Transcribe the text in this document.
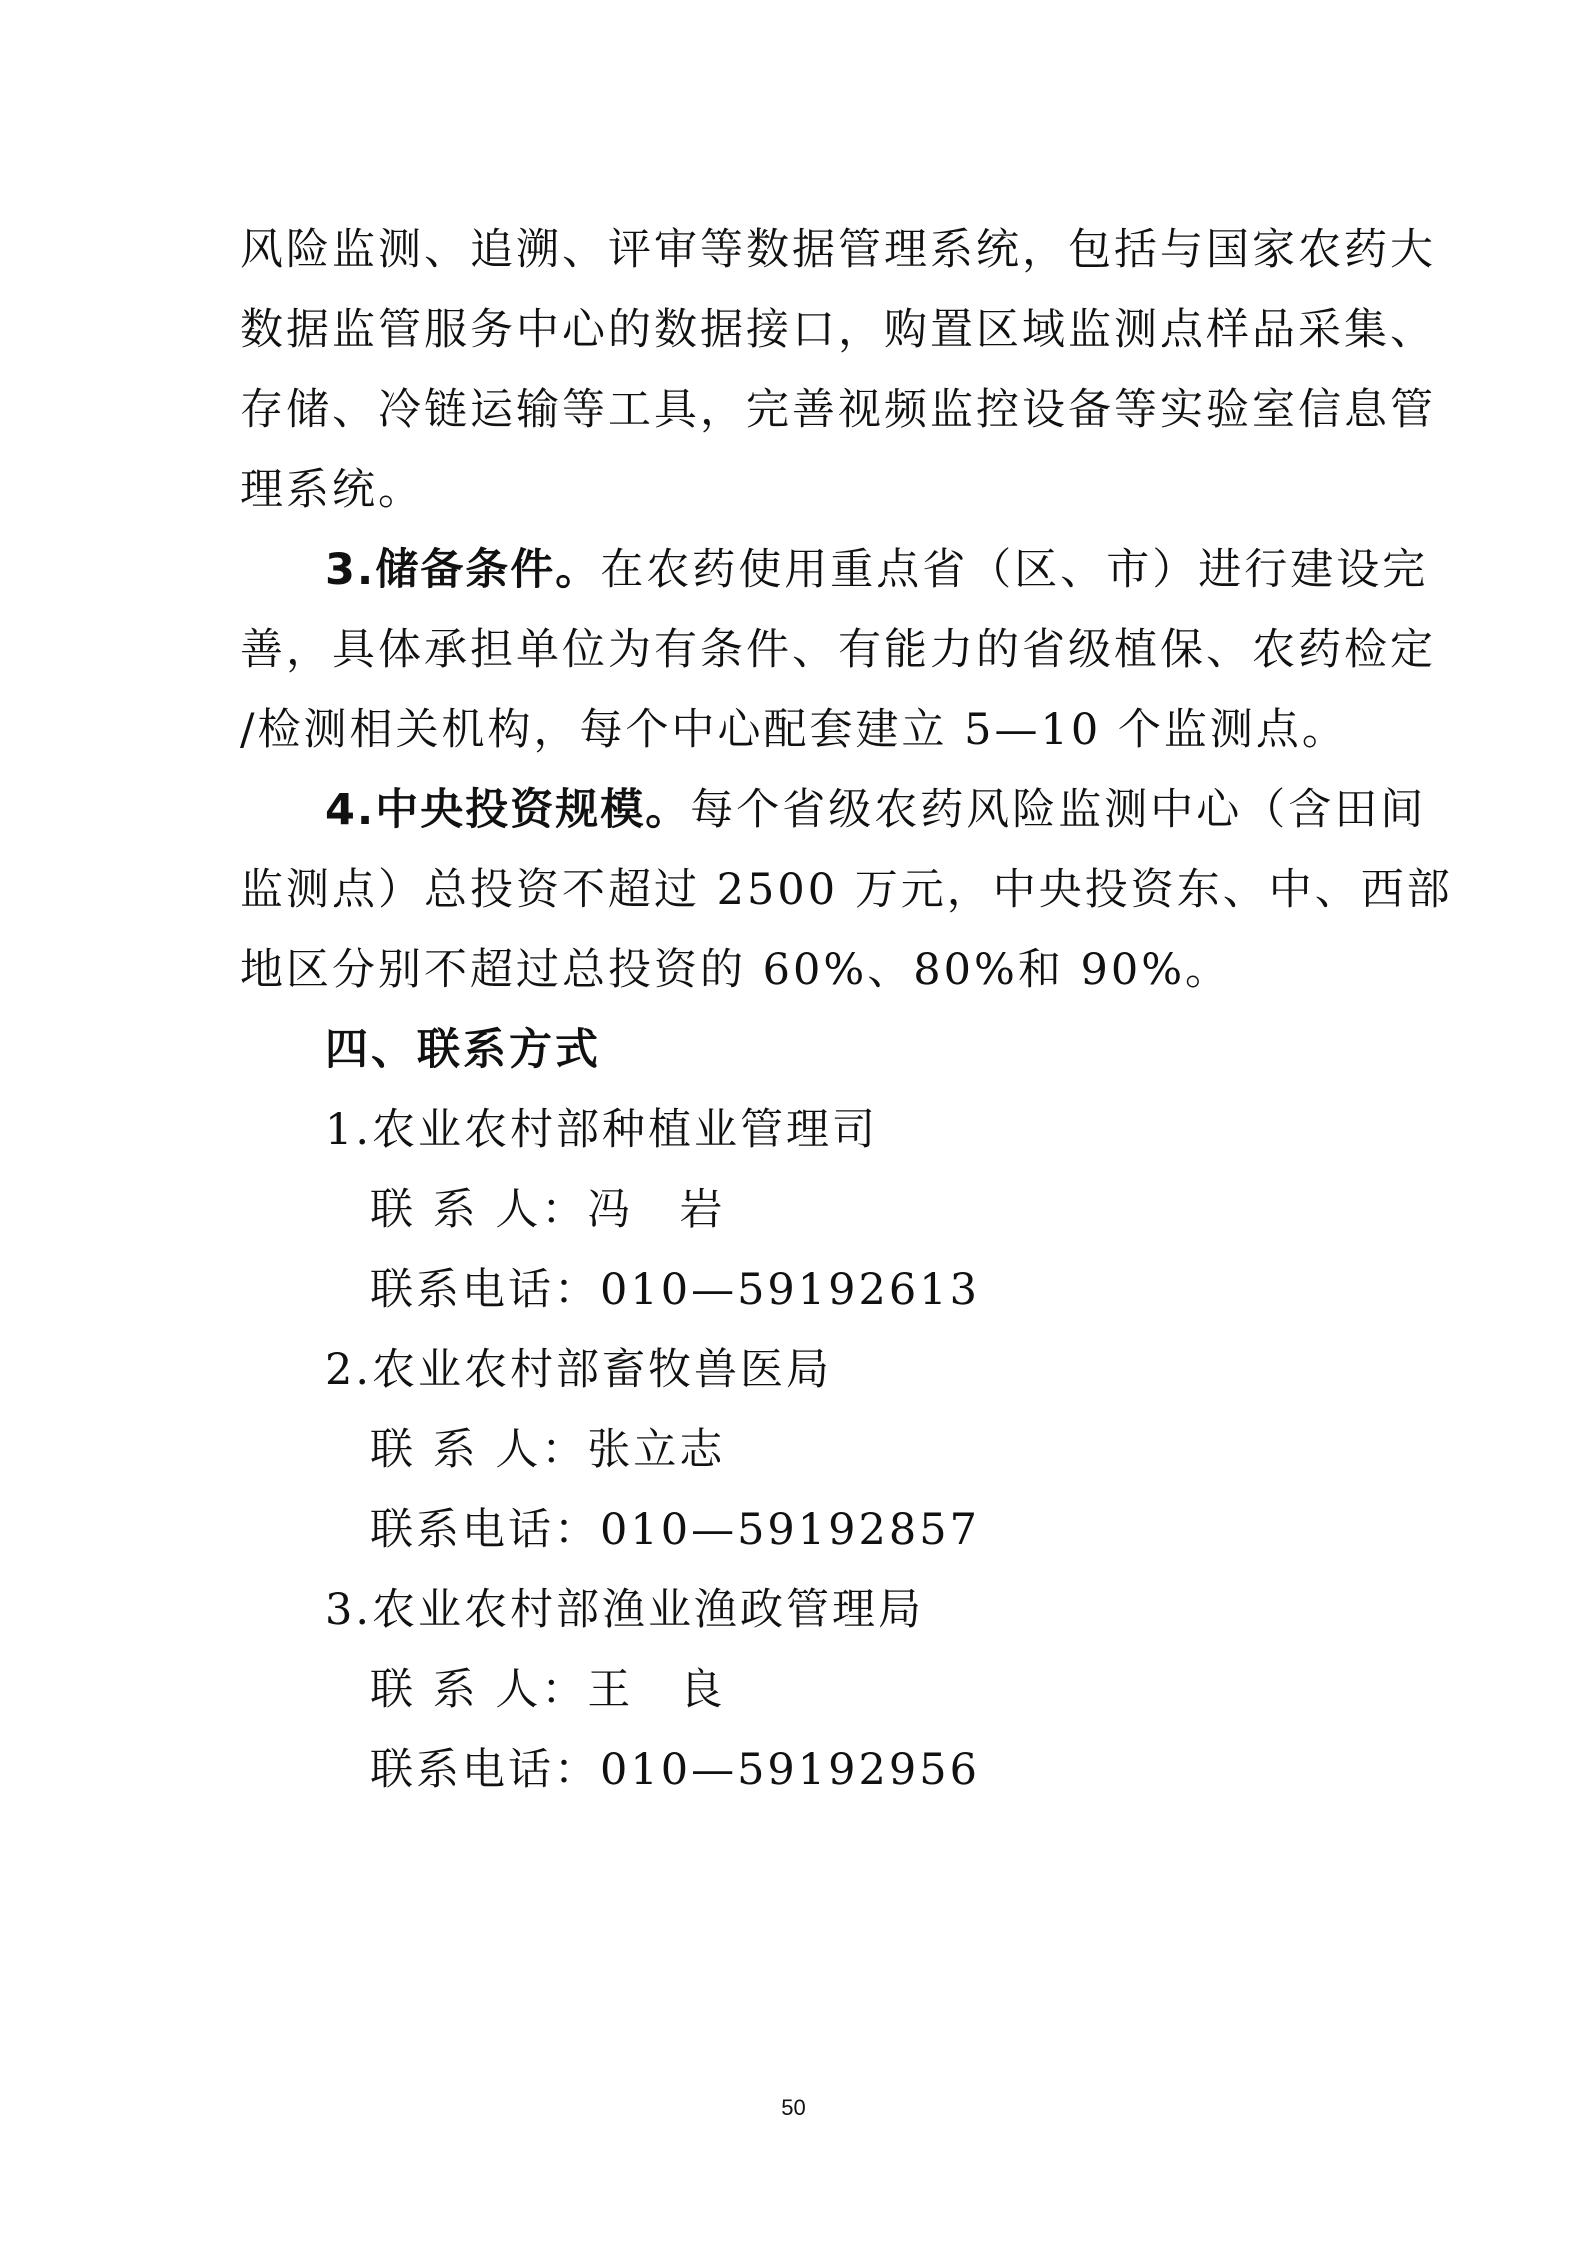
风险监测、追溯、评审等数据管理系统，包括与国家农药大
数据监管服务中心的数据接口，购置区域监测点样品采集、
存储、冷链运输等工具，完善视频监控设备等实验室信息管
理系统。
3.储备条件。在农药使用重点省（区、市）进行建设完
善，具体承担单位为有条件、有能力的省级植保、农药检定
/检测相关机构，每个中心配套建立 5—10 个监测点。
4.中央投资规模。每个省级农药风险监测中心（含田间
监测点）总投资不超过 2500 万元，中央投资东、中、西部
地区分别不超过总投资的 60%、80%和 90%。
四、联系方式
1.农业农村部种植业管理司
联 系 人：冯　岩
联系电话：010—59192613
2.农业农村部畜牧兽医局
联 系 人：张立志
联系电话：010—59192857
3.农业农村部渔业渔政管理局
联 系 人：王　良
联系电话：010—59192956
50
